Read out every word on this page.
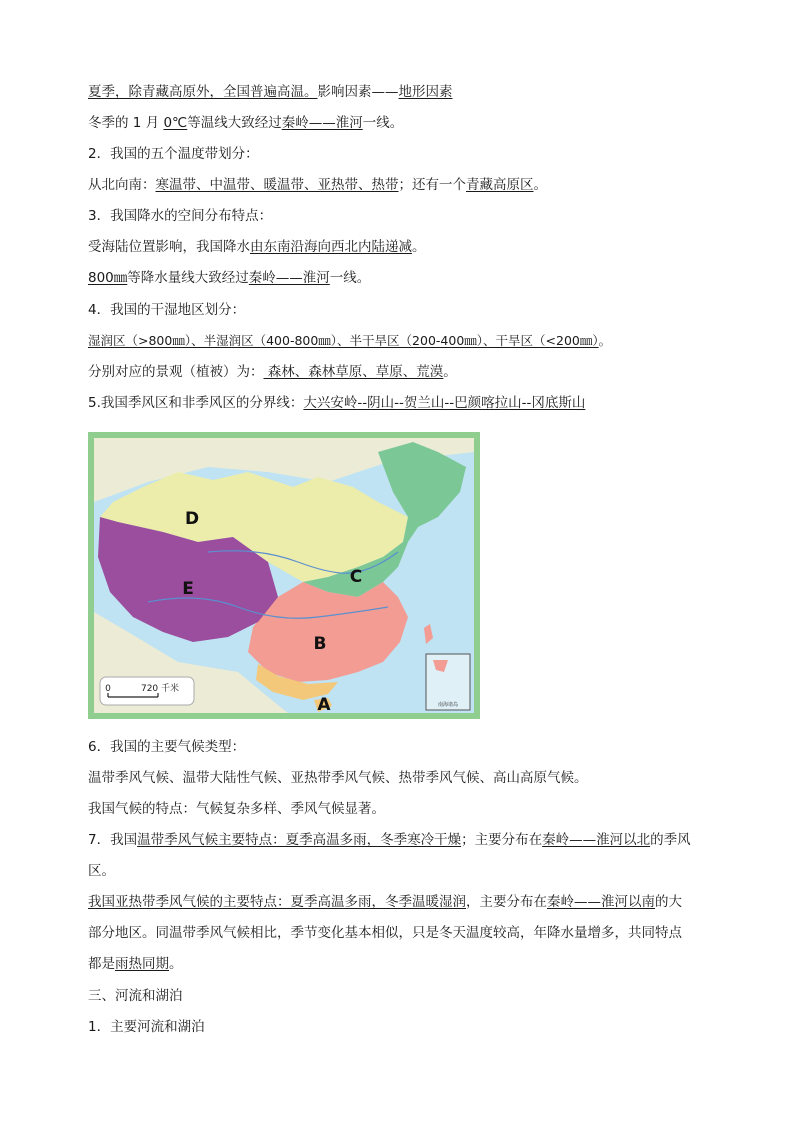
夏季，除青藏高原外，全国普遍高温。影响因素——地形因素
冬季的 1 月 0℃等温线大致经过秦岭——淮河一线。
2．我国的五个温度带划分：
从北向南：寒温带、中温带、暖温带、亚热带、热带；还有一个青藏高原区。
3．我国降水的空间分布特点：
受海陆位置影响，我国降水由东南沿海向西北内陆递减。
800㎜等降水量线大致经过秦岭——淮河一线。
4．我国的干湿地区划分：
湿润区（>800㎜）、半湿润区（400-800㎜）、半干旱区（200-400㎜）、干旱区（<200㎜）。
分别对应的景观（植被）为： 森林、森林草原、草原、荒漠。
5.我国季风区和非季风区的分界线：大兴安岭--阴山--贺兰山--巴颜喀拉山--冈底斯山
南海诸岛
0	720 千米
D
E
C
B
A
6．我国的主要气候类型：
温带季风气候、温带大陆性气候、亚热带季风气候、热带季风气候、高山高原气候。
我国气候的特点：气候复杂多样、季风气候显著。
7．我国温带季风气候主要特点：夏季高温多雨，冬季寒冷干燥；主要分布在秦岭——淮河以北的季风
区。
我国亚热带季风气候的主要特点：夏季高温多雨，冬季温暖湿润，主要分布在秦岭——淮河以南的大
部分地区。同温带季风气候相比，季节变化基本相似，只是冬天温度较高，年降水量增多，共同特点
都是雨热同期。
三、河流和湖泊
1．主要河流和湖泊
